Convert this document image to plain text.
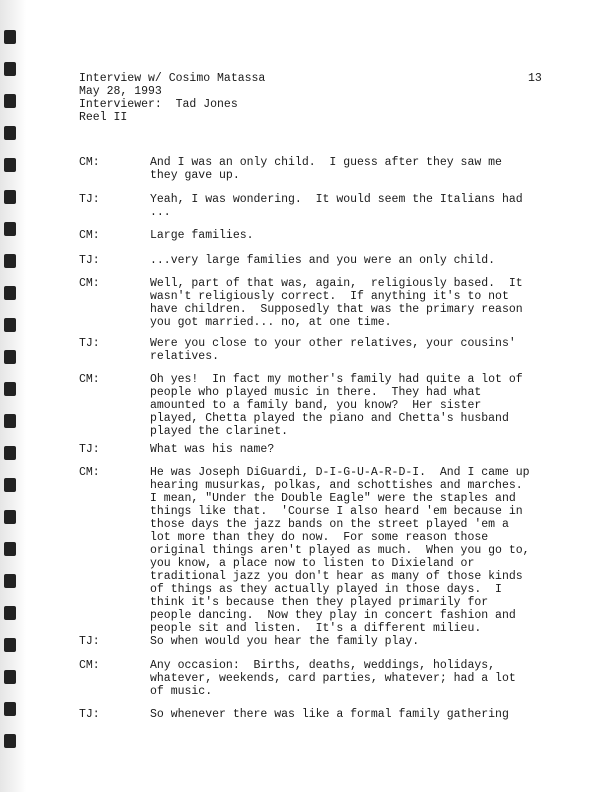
Interview w/ Cosimo Matassa
May 28, 1993
Interviewer:  Tad Jones
Reel II
13
CM:	And I was an only child.  I guess after they saw me
they gave up.
TJ:	Yeah, I was wondering.  It would seem the Italians had
...
CM:	Large families.
TJ:	...very large families and you were an only child.
CM:	Well, part of that was, again,  religiously based.  It
wasn't religiously correct.  If anything it's to not
have children.  Supposedly that was the primary reason
you got married... no, at one time.
TJ:	Were you close to your other relatives, your cousins'
relatives.
CM:	Oh yes!  In fact my mother's family had quite a lot of
people who played music in there.  They had what
amounted to a family band, you know?  Her sister
played, Chetta played the piano and Chetta's husband
played the clarinet.
TJ:	What was his name?
CM:	He was Joseph DiGuardi, D-I-G-U-A-R-D-I.  And I came up
hearing musurkas, polkas, and schottishes and marches.
I mean, "Under the Double Eagle" were the staples and
things like that.  'Course I also heard 'em because in
those days the jazz bands on the street played 'em a
lot more than they do now.  For some reason those
original things aren't played as much.  When you go to,
you know, a place now to listen to Dixieland or
traditional jazz you don't hear as many of those kinds
of things as they actually played in those days.  I
think it's because then they played primarily for
people dancing.  Now they play in concert fashion and
people sit and listen.  It's a different milieu.
TJ:	So when would you hear the family play.
CM:	Any occasion:  Births, deaths, weddings, holidays,
whatever, weekends, card parties, whatever; had a lot
of music.
TJ:	So whenever there was like a formal family gathering
